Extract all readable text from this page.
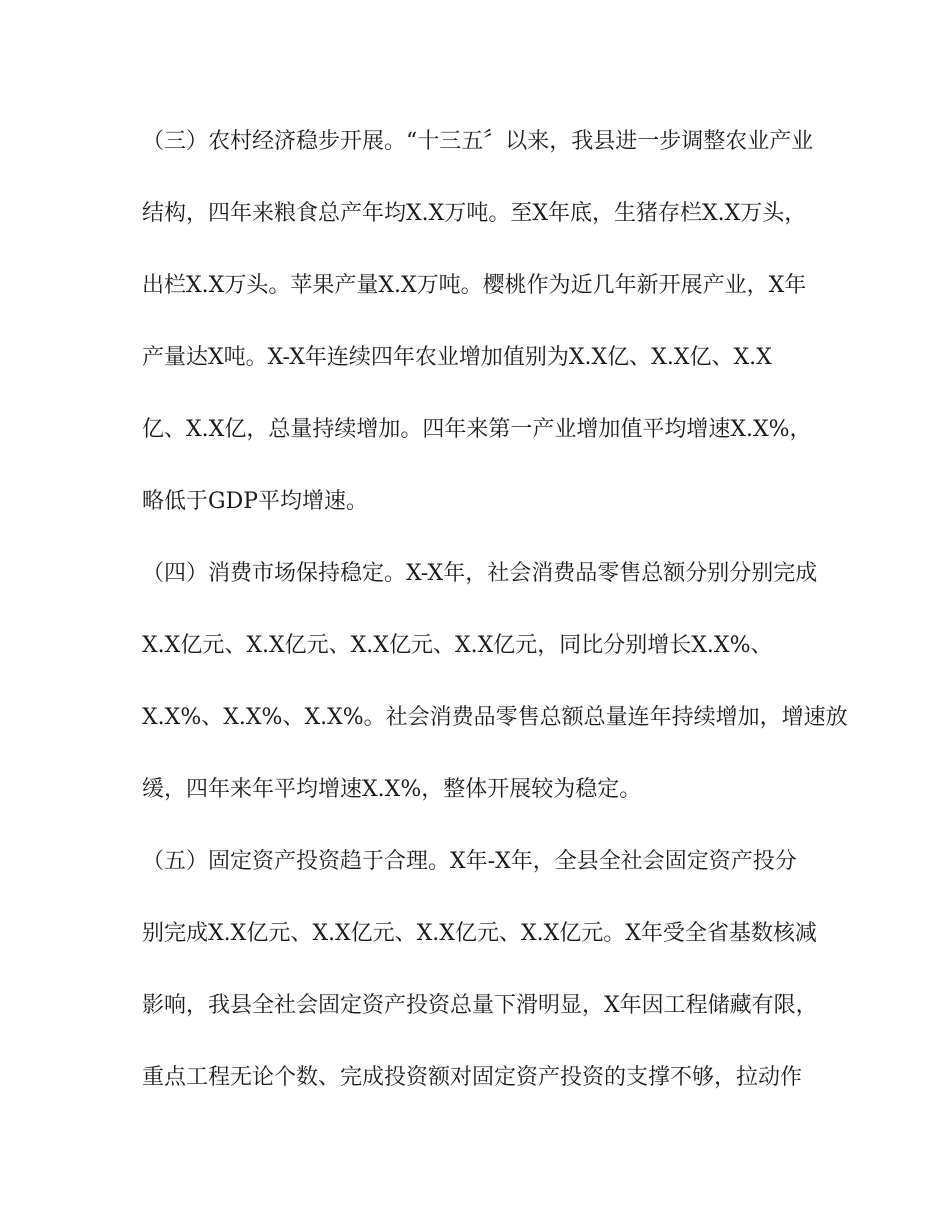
（三）农村经济稳步开展。“十三五〞以来，我县进一步调整农业产业
结构，四年来粮食总产年均X.X万吨。至X年底，生猪存栏X.X万头，
出栏X.X万头。苹果产量X.X万吨。樱桃作为近几年新开展产业，X年
产量达X吨。X-X年连续四年农业增加值别为X.X亿、X.X亿、X.X
亿、X.X亿，总量持续增加。四年来第一产业增加值平均增速X.X%，
略低于GDP平均增速。
（四）消费市场保持稳定。X-X年，社会消费品零售总额分别分别完成
X.X亿元、X.X亿元、X.X亿元、X.X亿元，同比分别增长X.X%、
X.X%、X.X%、X.X%。社会消费品零售总额总量连年持续增加，增速放
缓，四年来年平均增速X.X%，整体开展较为稳定。
（五）固定资产投资趋于合理。X年-X年，全县全社会固定资产投分
别完成X.X亿元、X.X亿元、X.X亿元、X.X亿元。X年受全省基数核减
影响，我县全社会固定资产投资总量下滑明显，X年因工程储藏有限，
重点工程无论个数、完成投资额对固定资产投资的支撑不够，拉动作
